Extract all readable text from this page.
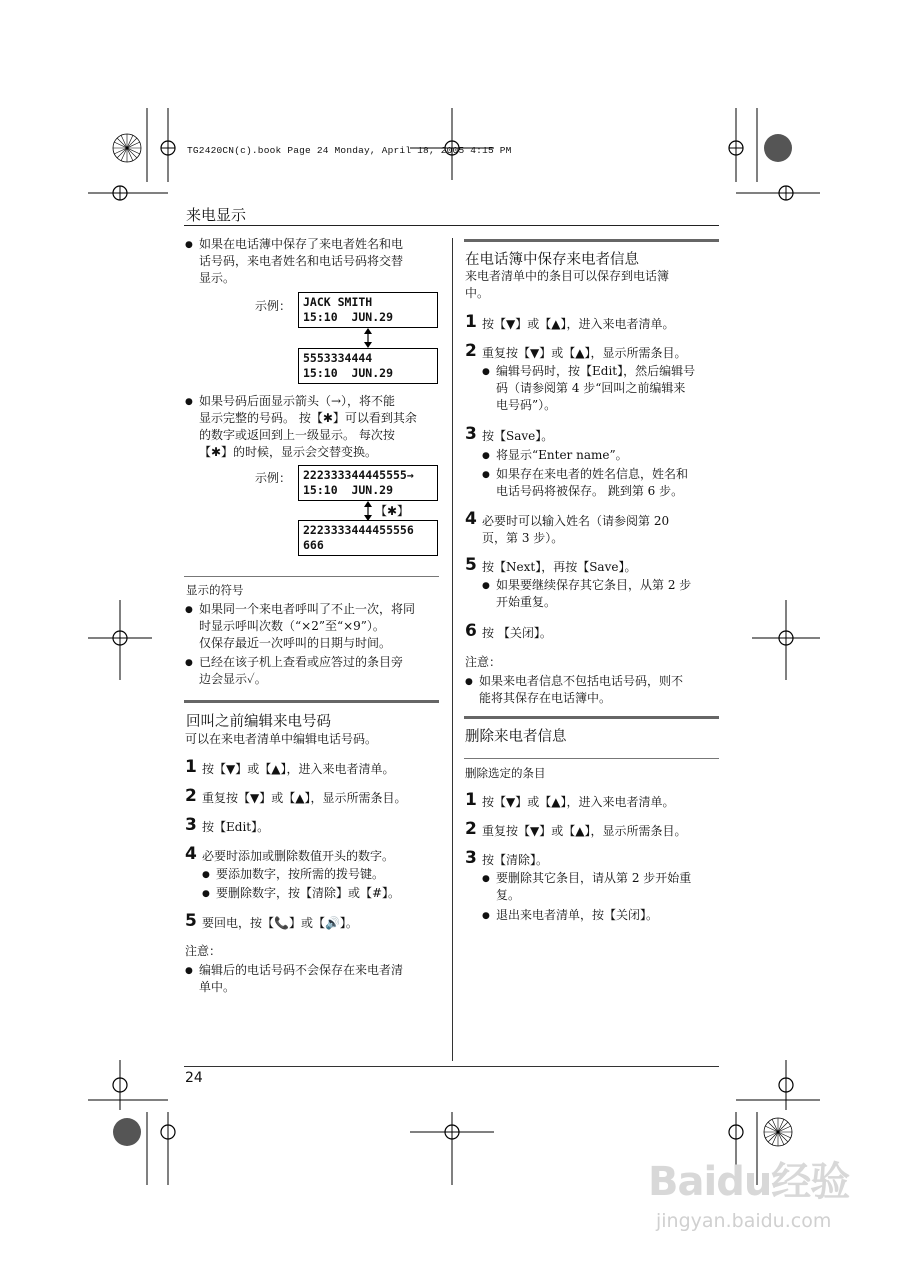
TG2420CN(c).book Page 24 Monday, April 18, 2005 4:15 PM
来电显示
● 如果在电话薄中保存了来电者姓名和电
话号码，来电者姓名和电话号码将交替
显示。
示例：	JACK SMITH
15:10  JUN.29
5553334444
15:10  JUN.29
● 如果号码后面显示箭头（→），将不能
显示完整的号码。 按【✱】可以看到其余
的数字或返回到上一级显示。 每次按
【✱】的时候，显示会交替变换。
示例：	222333344445555→
15:10  JUN.29
【✱】
2223333444455556
666
显示的符号
● 如果同一个来电者呼叫了不止一次，将同
时显示呼叫次数（“×2”至“×9”）。
仅保存最近一次呼叫的日期与时间。
● 已经在该子机上查看或应答过的条目旁
边会显示✓。
回叫之前编辑来电号码
可以在来电者清单中编辑电话号码。
1 按【▼】或【▲】，进入来电者清单。
2 重复按【▼】或【▲】，显示所需条目。
3 按【Edit】。
4 必要时添加或删除数值开头的数字。
● 要添加数字，按所需的拨号键。
● 要删除数字，按【清除】或【#】。
5 要回电，按【📞】或【🔊】。
注意：
● 编辑后的电话号码不会保存在来电者清
单中。
在电话簿中保存来电者信息
来电者清单中的条目可以保存到电话簿
中。
1 按【▼】或【▲】，进入来电者清单。
2 重复按【▼】或【▲】，显示所需条目。
● 编辑号码时，按【Edit】，然后编辑号
码（请参阅第 4 步“回叫之前编辑来
电号码”）。
3 按【Save】。
● 将显示“Enter name”。
● 如果存在来电者的姓名信息，姓名和
电话号码将被保存。 跳到第 6 步。
4 必要时可以输入姓名（请参阅第 20
页，第 3 步）。
5 按【Next】，再按【Save】。
● 如果要继续保存其它条目，从第 2 步
开始重复。
6 按 【关闭】。
注意：
● 如果来电者信息不包括电话号码，则不
能将其保存在电话簿中。
删除来电者信息
删除选定的条目
1 按【▼】或【▲】，进入来电者清单。
2 重复按【▼】或【▲】，显示所需条目。
3 按【清除】。
● 要删除其它条目，请从第 2 步开始重
复。
● 退出来电者清单，按【关闭】。
24
Baidu经验
jingyan.baidu.com
